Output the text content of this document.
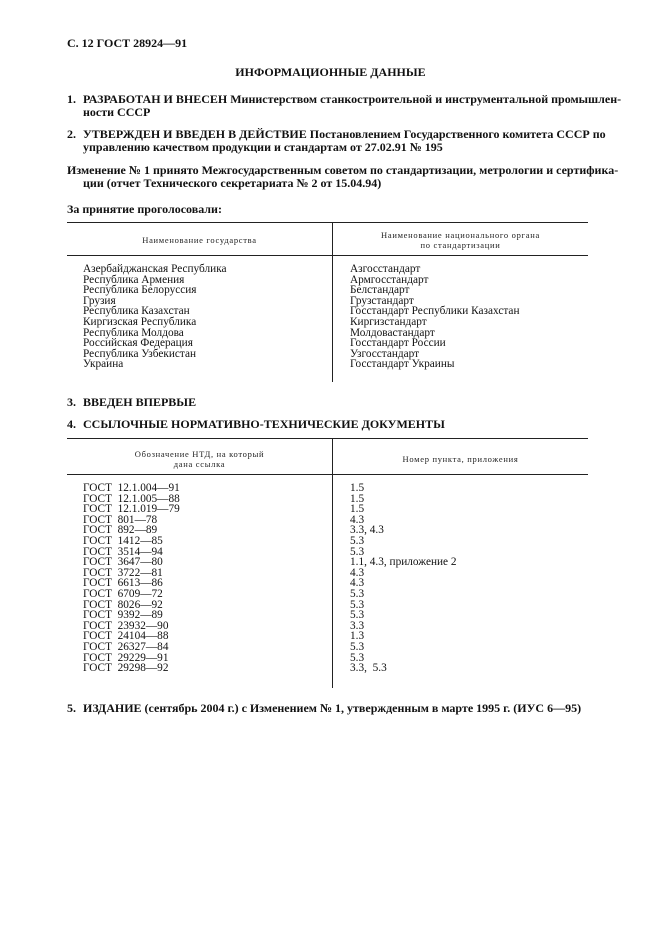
С. 12 ГОСТ 28924—91
ИНФОРМАЦИОННЫЕ ДАННЫЕ
1. РАЗРАБОТАН И ВНЕСЕН Министерством станкостроительной и инструментальной промышлен-
ности СССР
2. УТВЕРЖДЕН И ВВЕДЕН В ДЕЙСТВИЕ Постановлением Государственного комитета СССР по
управлению качеством продукции и стандартам от 27.02.91 № 195
Изменение № 1 принято Межгосударственным советом по стандартизации, метрологии и сертифика-
ции (отчет Технического секретариата № 2 от 15.04.94)
За принятие проголосовали:
Наименование государства	Наименование национального органа
по стандартизации
Азербайджанская Республика
Республика Армения
Республика Белоруссия
Грузия
Республика Казахстан
Киргизская Республика
Республика Молдова
Российская Федерация
Республика Узбекистан
Украина
Азгосстандарт
Армгосстандарт
Белстандарт
Грузстандарт
Госстандарт Республики Казахстан
Киргизстандарт
Молдовастандарт
Госстандарт России
Узгосстандарт
Госстандарт Украины
3. ВВЕДЕН ВПЕРВЫЕ
4. ССЫЛОЧНЫЕ НОРМАТИВНО-ТЕХНИЧЕСКИЕ ДОКУМЕНТЫ
Обозначение НТД, на который
дана ссылка	Номер пункта, приложения
ГОСТ  12.1.004—91
ГОСТ  12.1.005—88
ГОСТ  12.1.019—79
ГОСТ  801—78
ГОСТ  892—89
ГОСТ  1412—85
ГОСТ  3514—94
ГОСТ  3647—80
ГОСТ  3722—81
ГОСТ  6613—86
ГОСТ  6709—72
ГОСТ  8026—92
ГОСТ  9392—89
ГОСТ  23932—90
ГОСТ  24104—88
ГОСТ  26327—84
ГОСТ  29229—91
ГОСТ  29298—92
1.5
1.5
1.5
4.3
3.3, 4.3
5.3
5.3
1.1, 4.3, приложение 2
4.3
4.3
5.3
5.3
5.3
3.3
1.3
5.3
5.3
3.3,  5.3
5. ИЗДАНИЕ (сентябрь 2004 г.) с Изменением № 1, утвержденным в марте 1995 г. (ИУС 6—95)
